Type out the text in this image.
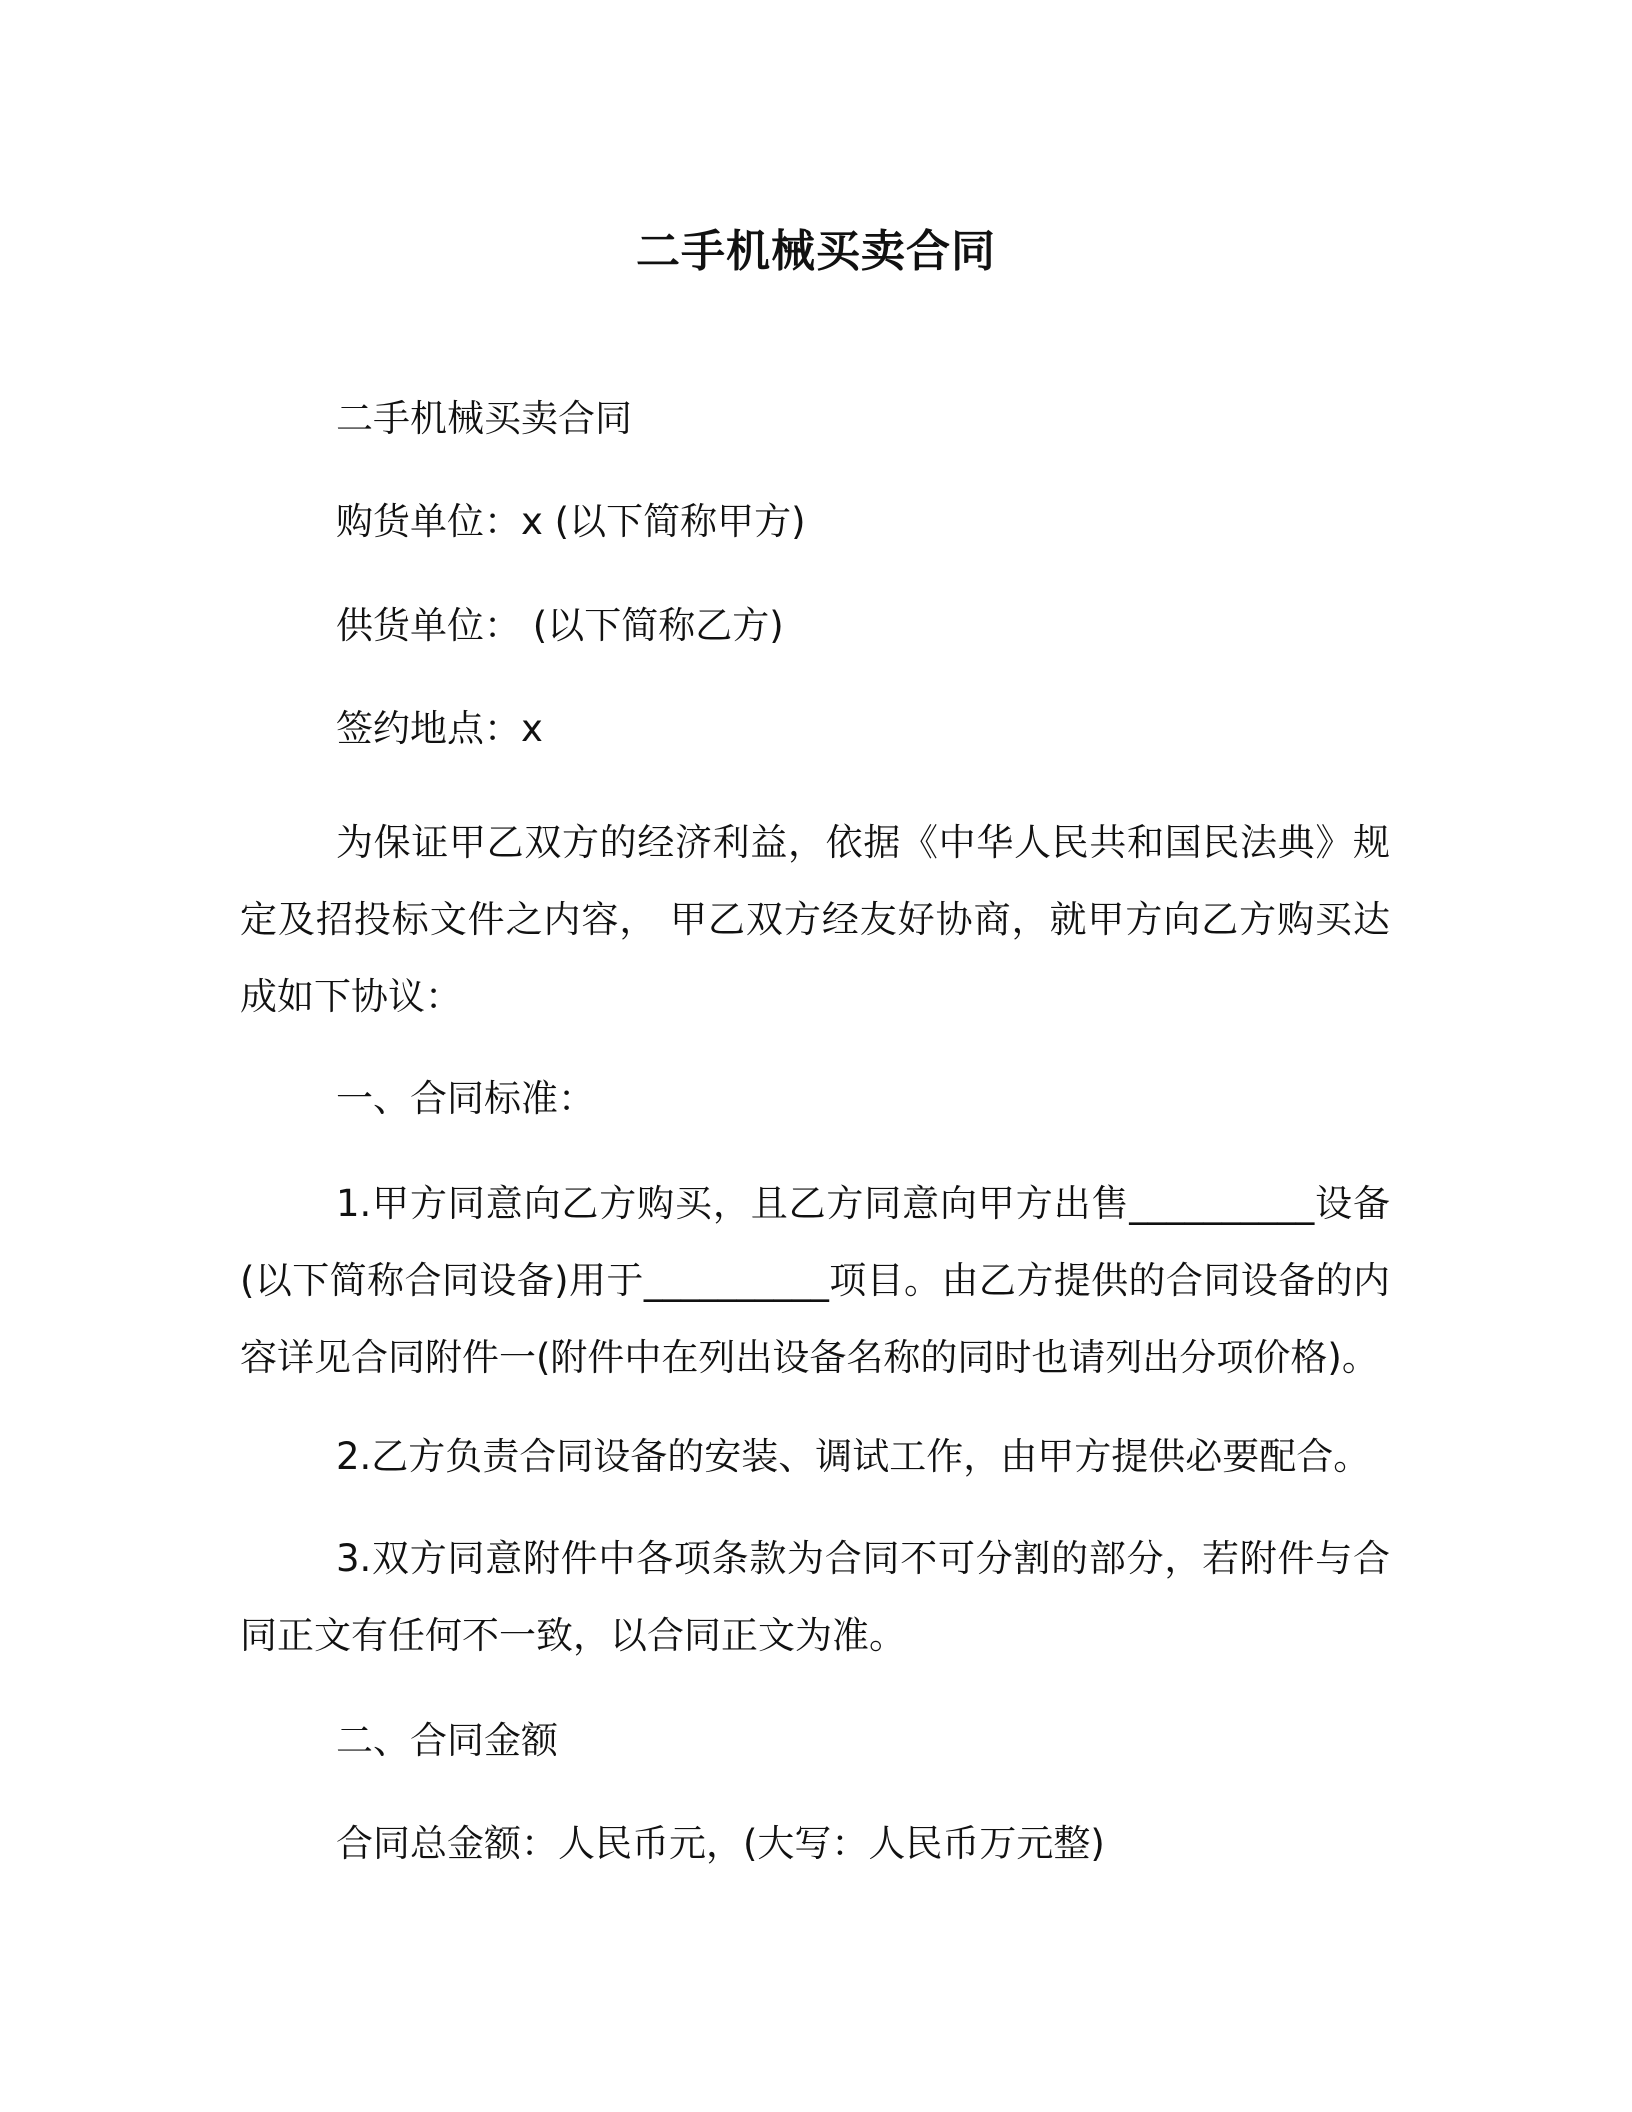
二手机械买卖合同
二手机械买卖合同
购货单位：x (以下简称甲方)
供货单位： (以下简称乙方)
签约地点：x

为保证甲乙双方的经济利益，依据《中华人民共和国民法典》规定及招投标文件之内容， 甲乙双方经友好协商，就甲方向乙方购买达成如下协议：

一、合同标准：

1.甲方同意向乙方购买，且乙方同意向甲方出售__________设备(以下简称合同设备)用于__________项目。由乙方提供的合同设备的内容详见合同附件一(附件中在列出设备名称的同时也请列出分项价格)。

2.乙方负责合同设备的安装、调试工作，由甲方提供必要配合。

3.双方同意附件中各项条款为合同不可分割的部分，若附件与合同正文有任何不一致，以合同正文为准。

二、合同金额
合同总金额：人民币元，(大写：人民币万元整)
